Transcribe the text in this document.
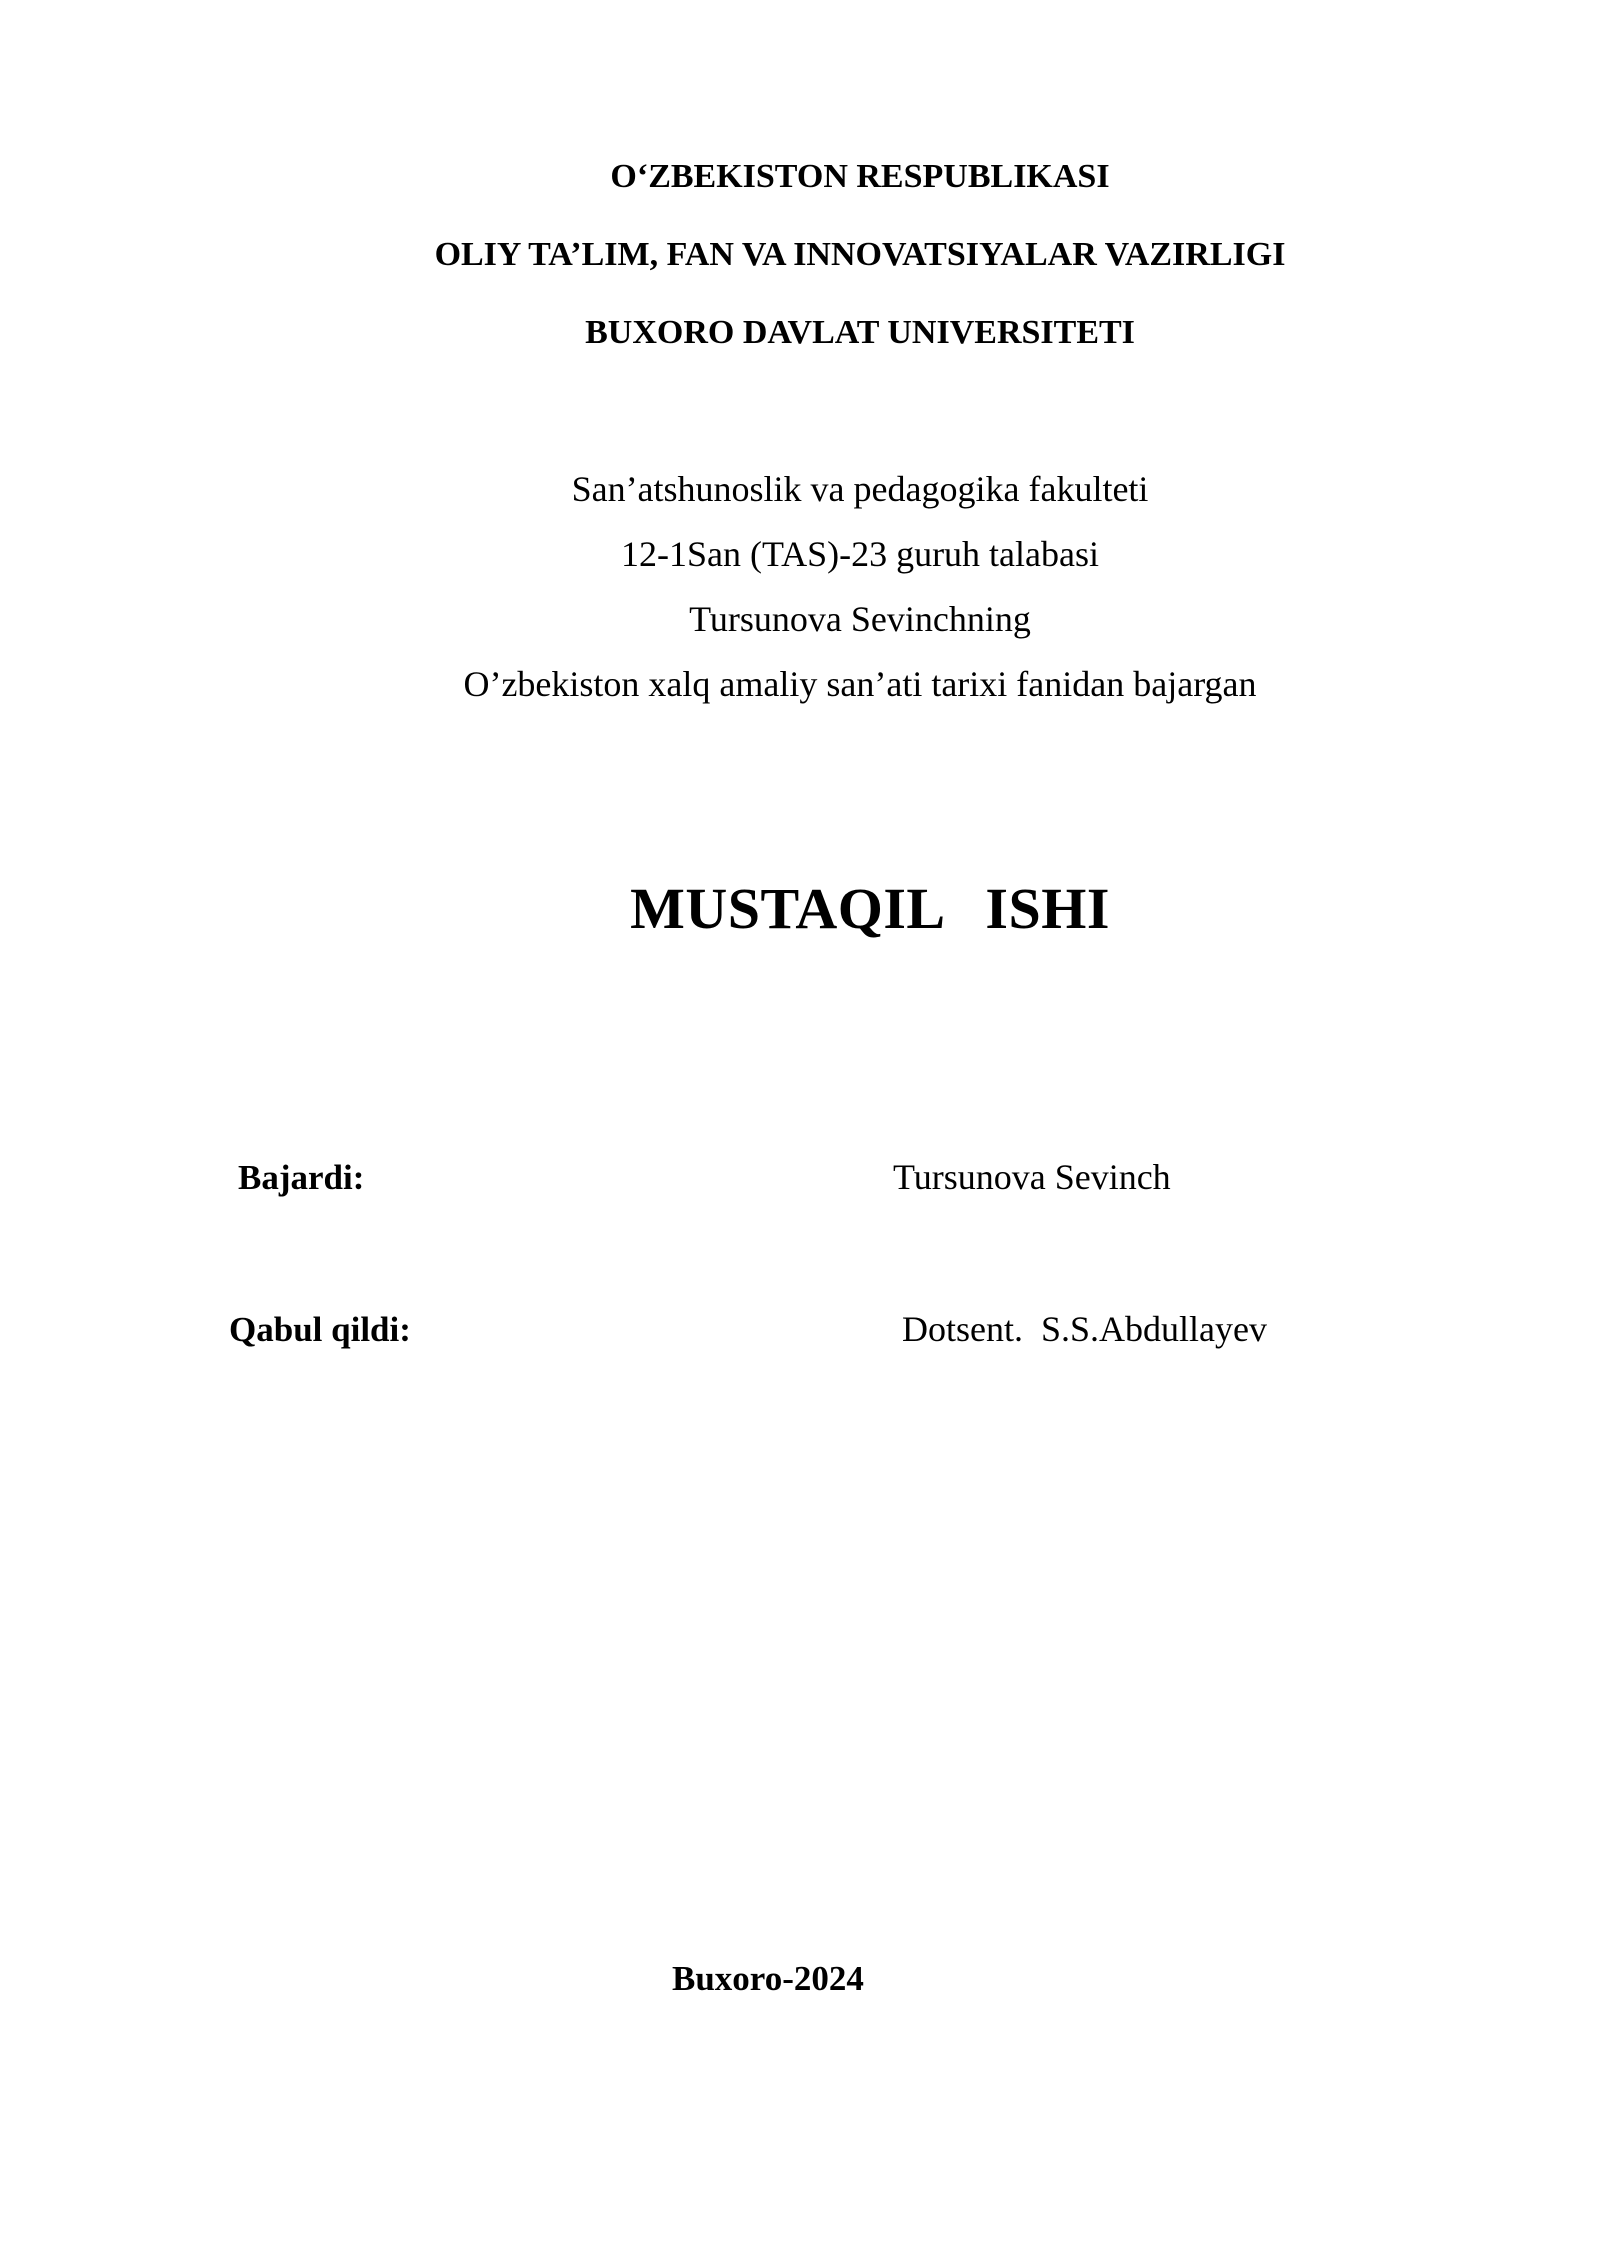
O‘ZBEKISTON RESPUBLIKASI
OLIY TA’LIM, FAN VA INNOVATSIYALAR VAZIRLIGI
BUXORO DAVLAT UNIVERSITETI
San’atshunoslik va pedagogika fakulteti
12-1San (TAS)-23 guruh talabasi
Tursunova Sevinchning
O’zbekiston xalq amaliy san’ati tarixi fanidan bajargan
MUSTAQIL ISHI
Bajardi:	Tursunova Sevinch
Qabul qildi:	Dotsent.  S.S.Abdullayev
Buxoro-2024
